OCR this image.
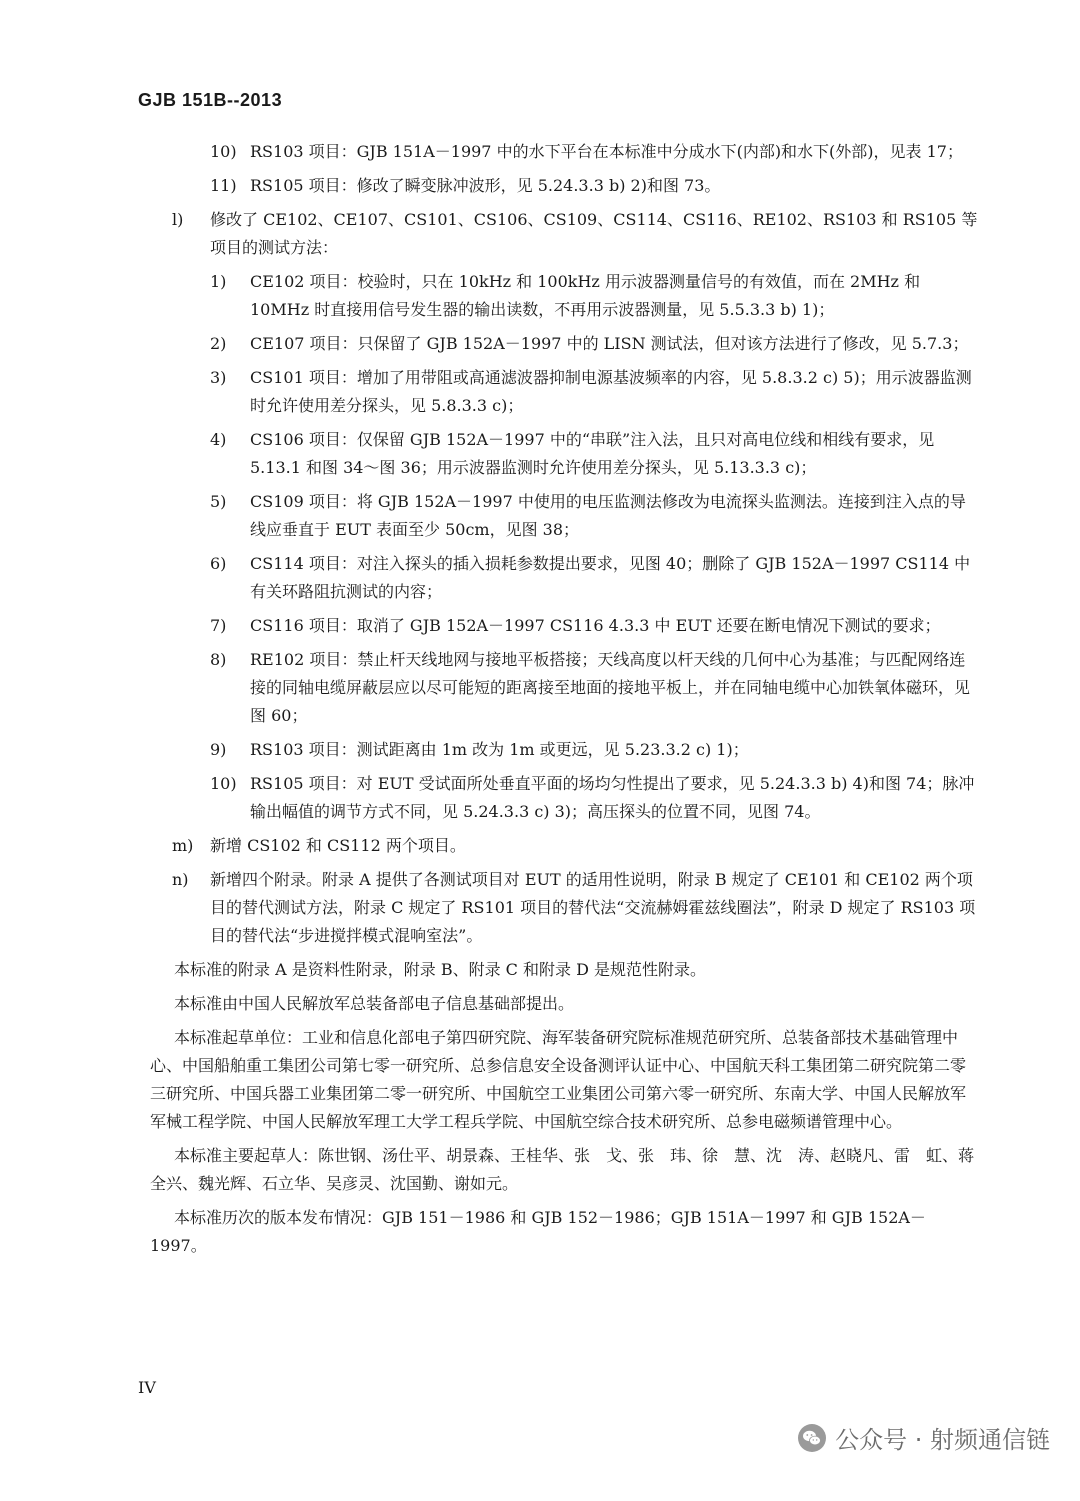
GJB 151B--2013
10) RS103 项目：GJB 151A－1997 中的水下平台在本标准中分成水下(内部)和水下(外部)，见表 17；
11) RS105 项目：修改了瞬变脉冲波形，见 5.24.3.3 b) 2)和图 73。
l) 修改了 CE102、CE107、CS101、CS106、CS109、CS114、CS116、RE102、RS103 和 RS105 等项目的测试方法：
1) CE102 项目：校验时，只在 10kHz 和 100kHz 用示波器测量信号的有效值，而在 2MHz 和 10MHz 时直接用信号发生器的输出读数，不再用示波器测量，见 5.5.3.3 b) 1)；
2) CE107 项目：只保留了 GJB 152A－1997 中的 LISN 测试法，但对该方法进行了修改，见 5.7.3；
3) CS101 项目：增加了用带阻或高通滤波器抑制电源基波频率的内容，见 5.8.3.2 c) 5)；用示波器监测时允许使用差分探头，见 5.8.3.3 c)；
4) CS106 项目：仅保留 GJB 152A－1997 中的“串联”注入法，且只对高电位线和相线有要求，见 5.13.1 和图 34～图 36；用示波器监测时允许使用差分探头，见 5.13.3.3 c)；
5) CS109 项目：将 GJB 152A－1997 中使用的电压监测法修改为电流探头监测法。连接到注入点的导线应垂直于 EUT 表面至少 50cm，见图 38；
6) CS114 项目：对注入探头的插入损耗参数提出要求，见图 40；删除了 GJB 152A－1997 CS114 中有关环路阻抗测试的内容；
7) CS116 项目：取消了 GJB 152A－1997 CS116 4.3.3 中 EUT 还要在断电情况下测试的要求；
8) RE102 项目：禁止杆天线地网与接地平板搭接；天线高度以杆天线的几何中心为基准；与匹配网络连接的同轴电缆屏蔽层应以尽可能短的距离接至地面的接地平板上，并在同轴电缆中心加铁氧体磁环，见图 60；
9) RS103 项目：测试距离由 1m 改为 1m 或更远，见 5.23.3.2 c) 1)；
10) RS105 项目：对 EUT 受试面所处垂直平面的场均匀性提出了要求，见 5.24.3.3 b) 4)和图 74；脉冲输出幅值的调节方式不同，见 5.24.3.3 c) 3)；高压探头的位置不同，见图 74。
m) 新增 CS102 和 CS112 两个项目。
n) 新增四个附录。附录 A 提供了各测试项目对 EUT 的适用性说明，附录 B 规定了 CE101 和 CE102 两个项目的替代测试方法，附录 C 规定了 RS101 项目的替代法“交流赫姆霍兹线圈法”，附录 D 规定了 RS103 项目的替代法“步进搅拌模式混响室法”。
本标准的附录 A 是资料性附录，附录 B、附录 C 和附录 D 是规范性附录。
本标准由中国人民解放军总装备部电子信息基础部提出。
本标准起草单位：工业和信息化部电子第四研究院、海军装备研究院标准规范研究所、总装备部技术基础管理中心、中国船舶重工集团公司第七零一研究所、总参信息安全设备测评认证中心、中国航天科工集团第二研究院第二零三研究所、中国兵器工业集团第二零一研究所、中国航空工业集团公司第六零一研究所、东南大学、中国人民解放军军械工程学院、中国人民解放军理工大学工程兵学院、中国航空综合技术研究所、总参电磁频谱管理中心。
本标准主要起草人：陈世钢、汤仕平、胡景森、王桂华、张　戈、张　玮、徐　慧、沈　涛、赵晓凡、雷　虹、蒋全兴、魏光辉、石立华、吴彦灵、沈国勤、谢如元。
本标准历次的版本发布情况：GJB 151－1986 和 GJB 152－1986；GJB 151A－1997 和 GJB 152A－1997。
IV
公众号 · 射频通信链
